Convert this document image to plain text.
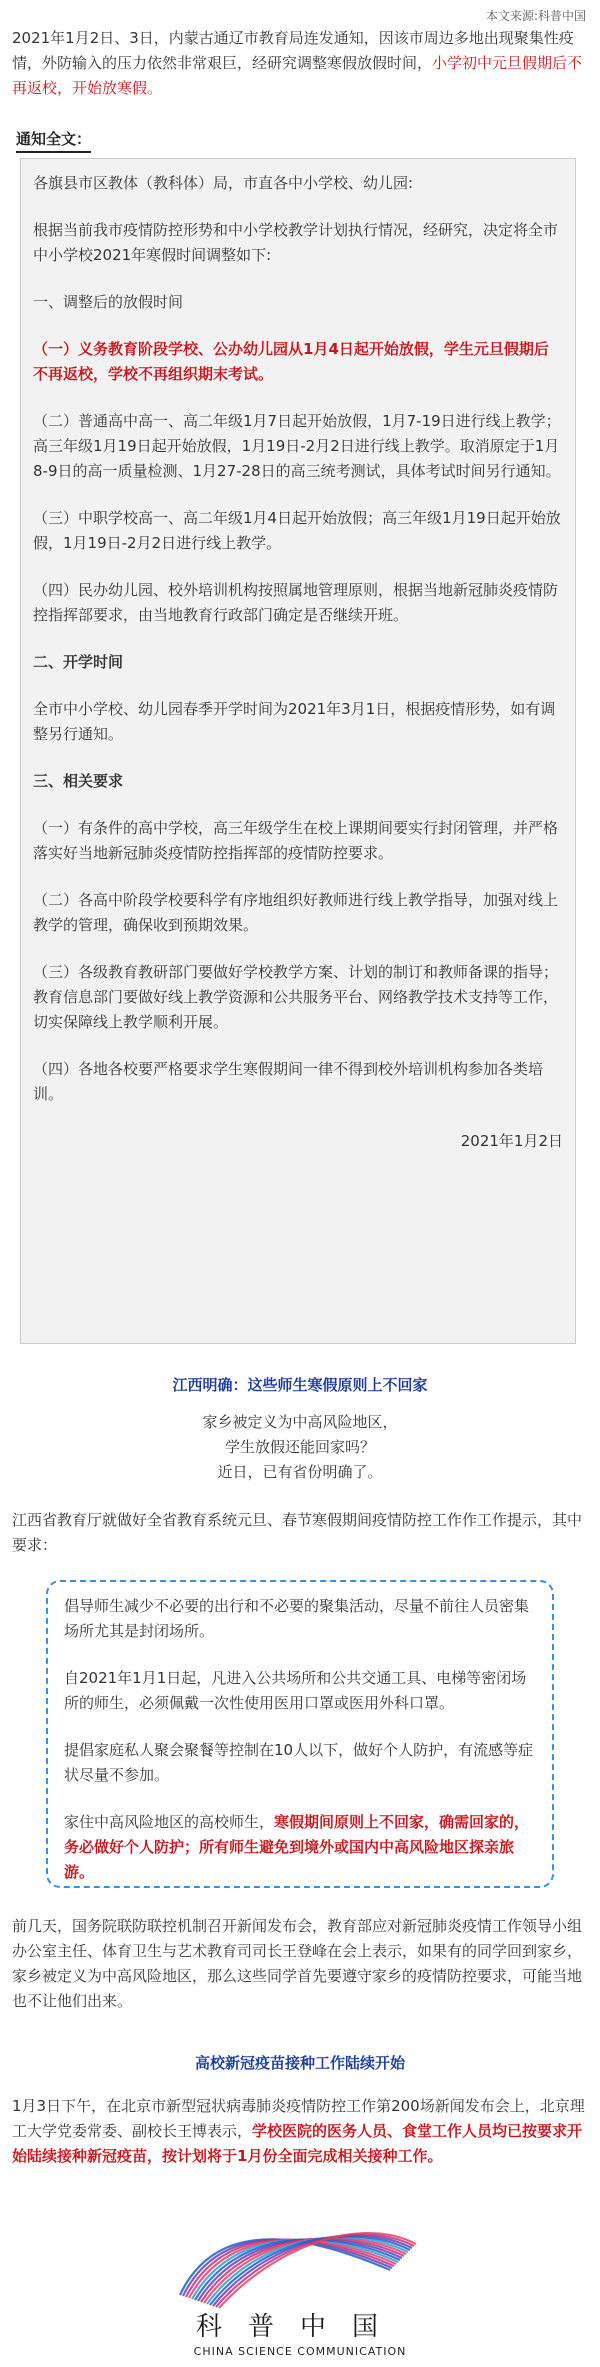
本文来源:科普中国
2021年1月2日、3日，内蒙古通辽市教育局连发通知，因该市周边多地出现聚集性疫情，外防输入的压力依然非常艰巨，经研究调整寒假放假时间，小学初中元旦假期后不再返校，开始放寒假。
通知全文：

各旗县市区教体（教科体）局，市直各中小学校、幼儿园:

根据当前我市疫情防控形势和中小学校教学计划执行情况，经研究，决定将全市中小学校2021年寒假时间调整如下:

一、调整后的放假时间

（一）义务教育阶段学校、公办幼儿园从1月4日起开始放假，学生元旦假期后不再返校，学校不再组织期末考试。

（二）普通高中高一、高二年级1月7日起开始放假，1月7-19日进行线上教学；高三年级1月19日起开始放假，1月19日-2月2日进行线上教学。取消原定于1月8-9日的高一质量检测、1月27-28日的高三统考测试，具体考试时间另行通知。

（三）中职学校高一、高二年级1月4日起开始放假；高三年级1月19日起开始放假，1月19日-2月2日进行线上教学。

（四）民办幼儿园、校外培训机构按照属地管理原则，根据当地新冠肺炎疫情防控指挥部要求，由当地教育行政部门确定是否继续开班。

二、开学时间

全市中小学校、幼儿园春季开学时间为2021年3月1日，根据疫情形势，如有调整另行通知。

三、相关要求

（一）有条件的高中学校，高三年级学生在校上课期间要实行封闭管理，并严格落实好当地新冠肺炎疫情防控指挥部的疫情防控要求。

（二）各高中阶段学校要科学有序地组织好教师进行线上教学指导，加强对线上教学的管理，确保收到预期效果。

（三）各级教育教研部门要做好学校教学方案、计划的制订和教师备课的指导；教育信息部门要做好线上教学资源和公共服务平台、网络教学技术支持等工作，切实保障线上教学顺利开展。

（四）各地各校要严格要求学生寒假期间一律不得到校外培训机构参加各类培训。

2021年1月2日

江西明确：这些师生寒假原则上不回家
家乡被定义为中高风险地区，
学生放假还能回家吗？
近日，已有省份明确了。
江西省教育厅就做好全省教育系统元旦、春节寒假期间疫情防控工作作工作提示，其中要求：

倡导师生减少不必要的出行和不必要的聚集活动，尽量不前往人员密集场所尤其是封闭场所。

自2021年1月1日起，凡进入公共场所和公共交通工具、电梯等密闭场所的师生，必须佩戴一次性使用医用口罩或医用外科口罩。

提倡家庭私人聚会聚餐等控制在10人以下，做好个人防护，有流感等症状尽量不参加。

家住中高风险地区的高校师生，寒假期间原则上不回家，确需回家的，务必做好个人防护；所有师生避免到境外或国内中高风险地区探亲旅游。

前几天，国务院联防联控机制召开新闻发布会，教育部应对新冠肺炎疫情工作领导小组办公室主任、体育卫生与艺术教育司司长王登峰在会上表示，如果有的同学回到家乡，家乡被定义为中高风险地区，那么这些同学首先要遵守家乡的疫情防控要求，可能当地也不让他们出来。
高校新冠疫苗接种工作陆续开始
1月3日下午，在北京市新型冠状病毒肺炎疫情防控工作第200场新闻发布会上，北京理工大学党委常委、副校长王博表示，学校医院的医务人员、食堂工作人员均已按要求开始陆续接种新冠疫苗，按计划将于1月份全面完成相关接种工作。
科普中国
CHINA SCIENCE COMMUNICATION
